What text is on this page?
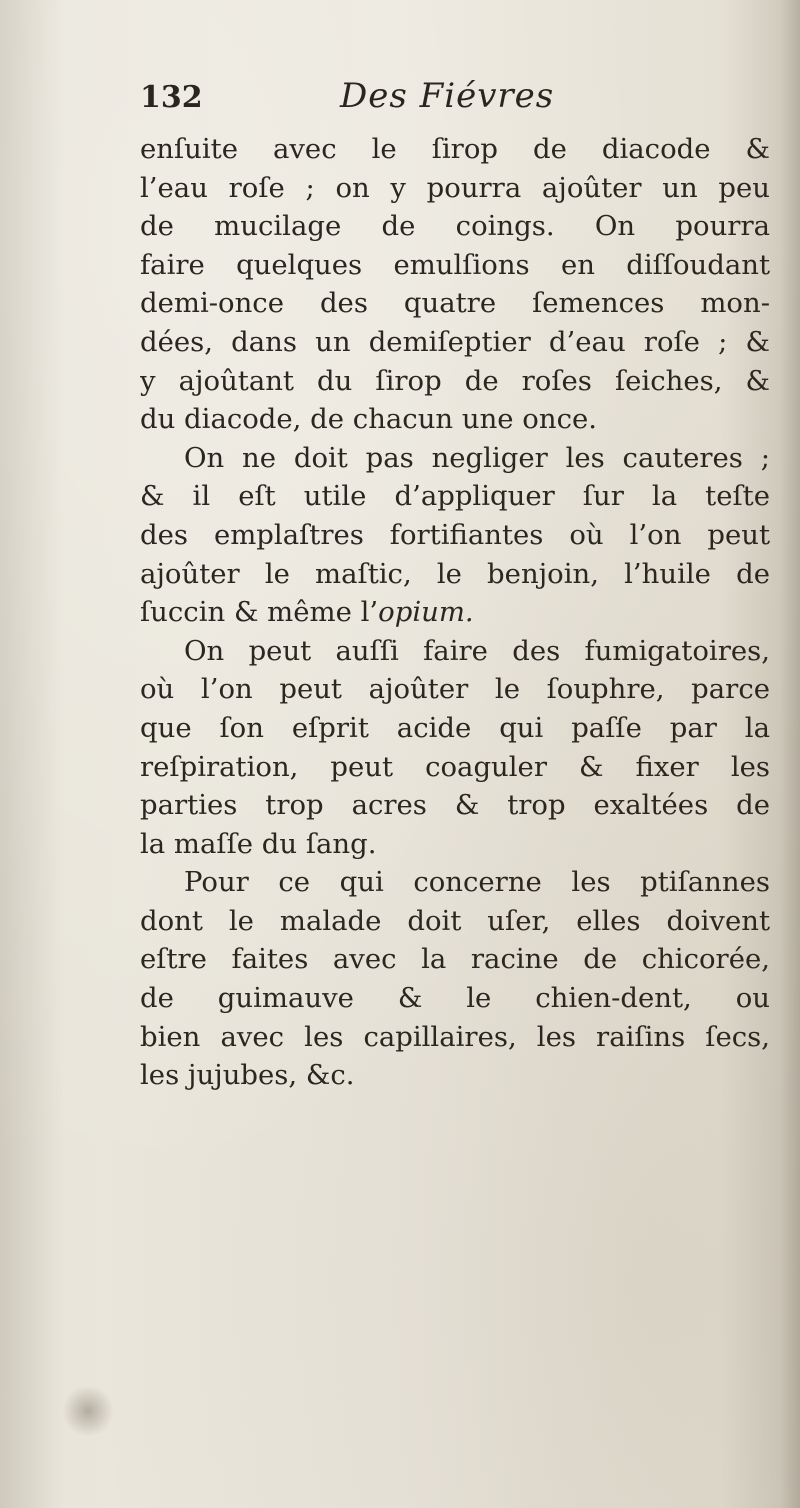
132	Des Fiévres
enſuite avec le ſirop de diacode &
l’eau roſe ; on y pourra ajoûter un peu
de mucilage de coings. On pourra
faire quelques emulſions en diſſoudant
demi-once des quatre ſemences mon-
dées, dans un demiſeptier d’eau roſe ; &
y ajoûtant du ſirop de roſes ſeiches, &
du diacode, de chacun une once.
On ne doit pas negliger les cauteres ;
& il eſt utile d’appliquer ſur la teſte
des emplaſtres fortifiantes où l’on peut
ajoûter le maſtic, le benjoin, l’huile de
ſuccin & même l’opium.
On peut auſſi faire des fumigatoires,
où l’on peut ajoûter le ſouphre, parce
que ſon eſprit acide qui paſſe par la
reſpiration, peut coaguler & fixer les
parties trop acres & trop exaltées de
la maſſe du ſang.
Pour ce qui concerne les ptiſannes
dont le malade doit uſer, elles doivent
eſtre faites avec la racine de chicorée,
de guimauve & le chien-dent, ou
bien avec les capillaires, les raiſins ſecs,
les jujubes, &c.
